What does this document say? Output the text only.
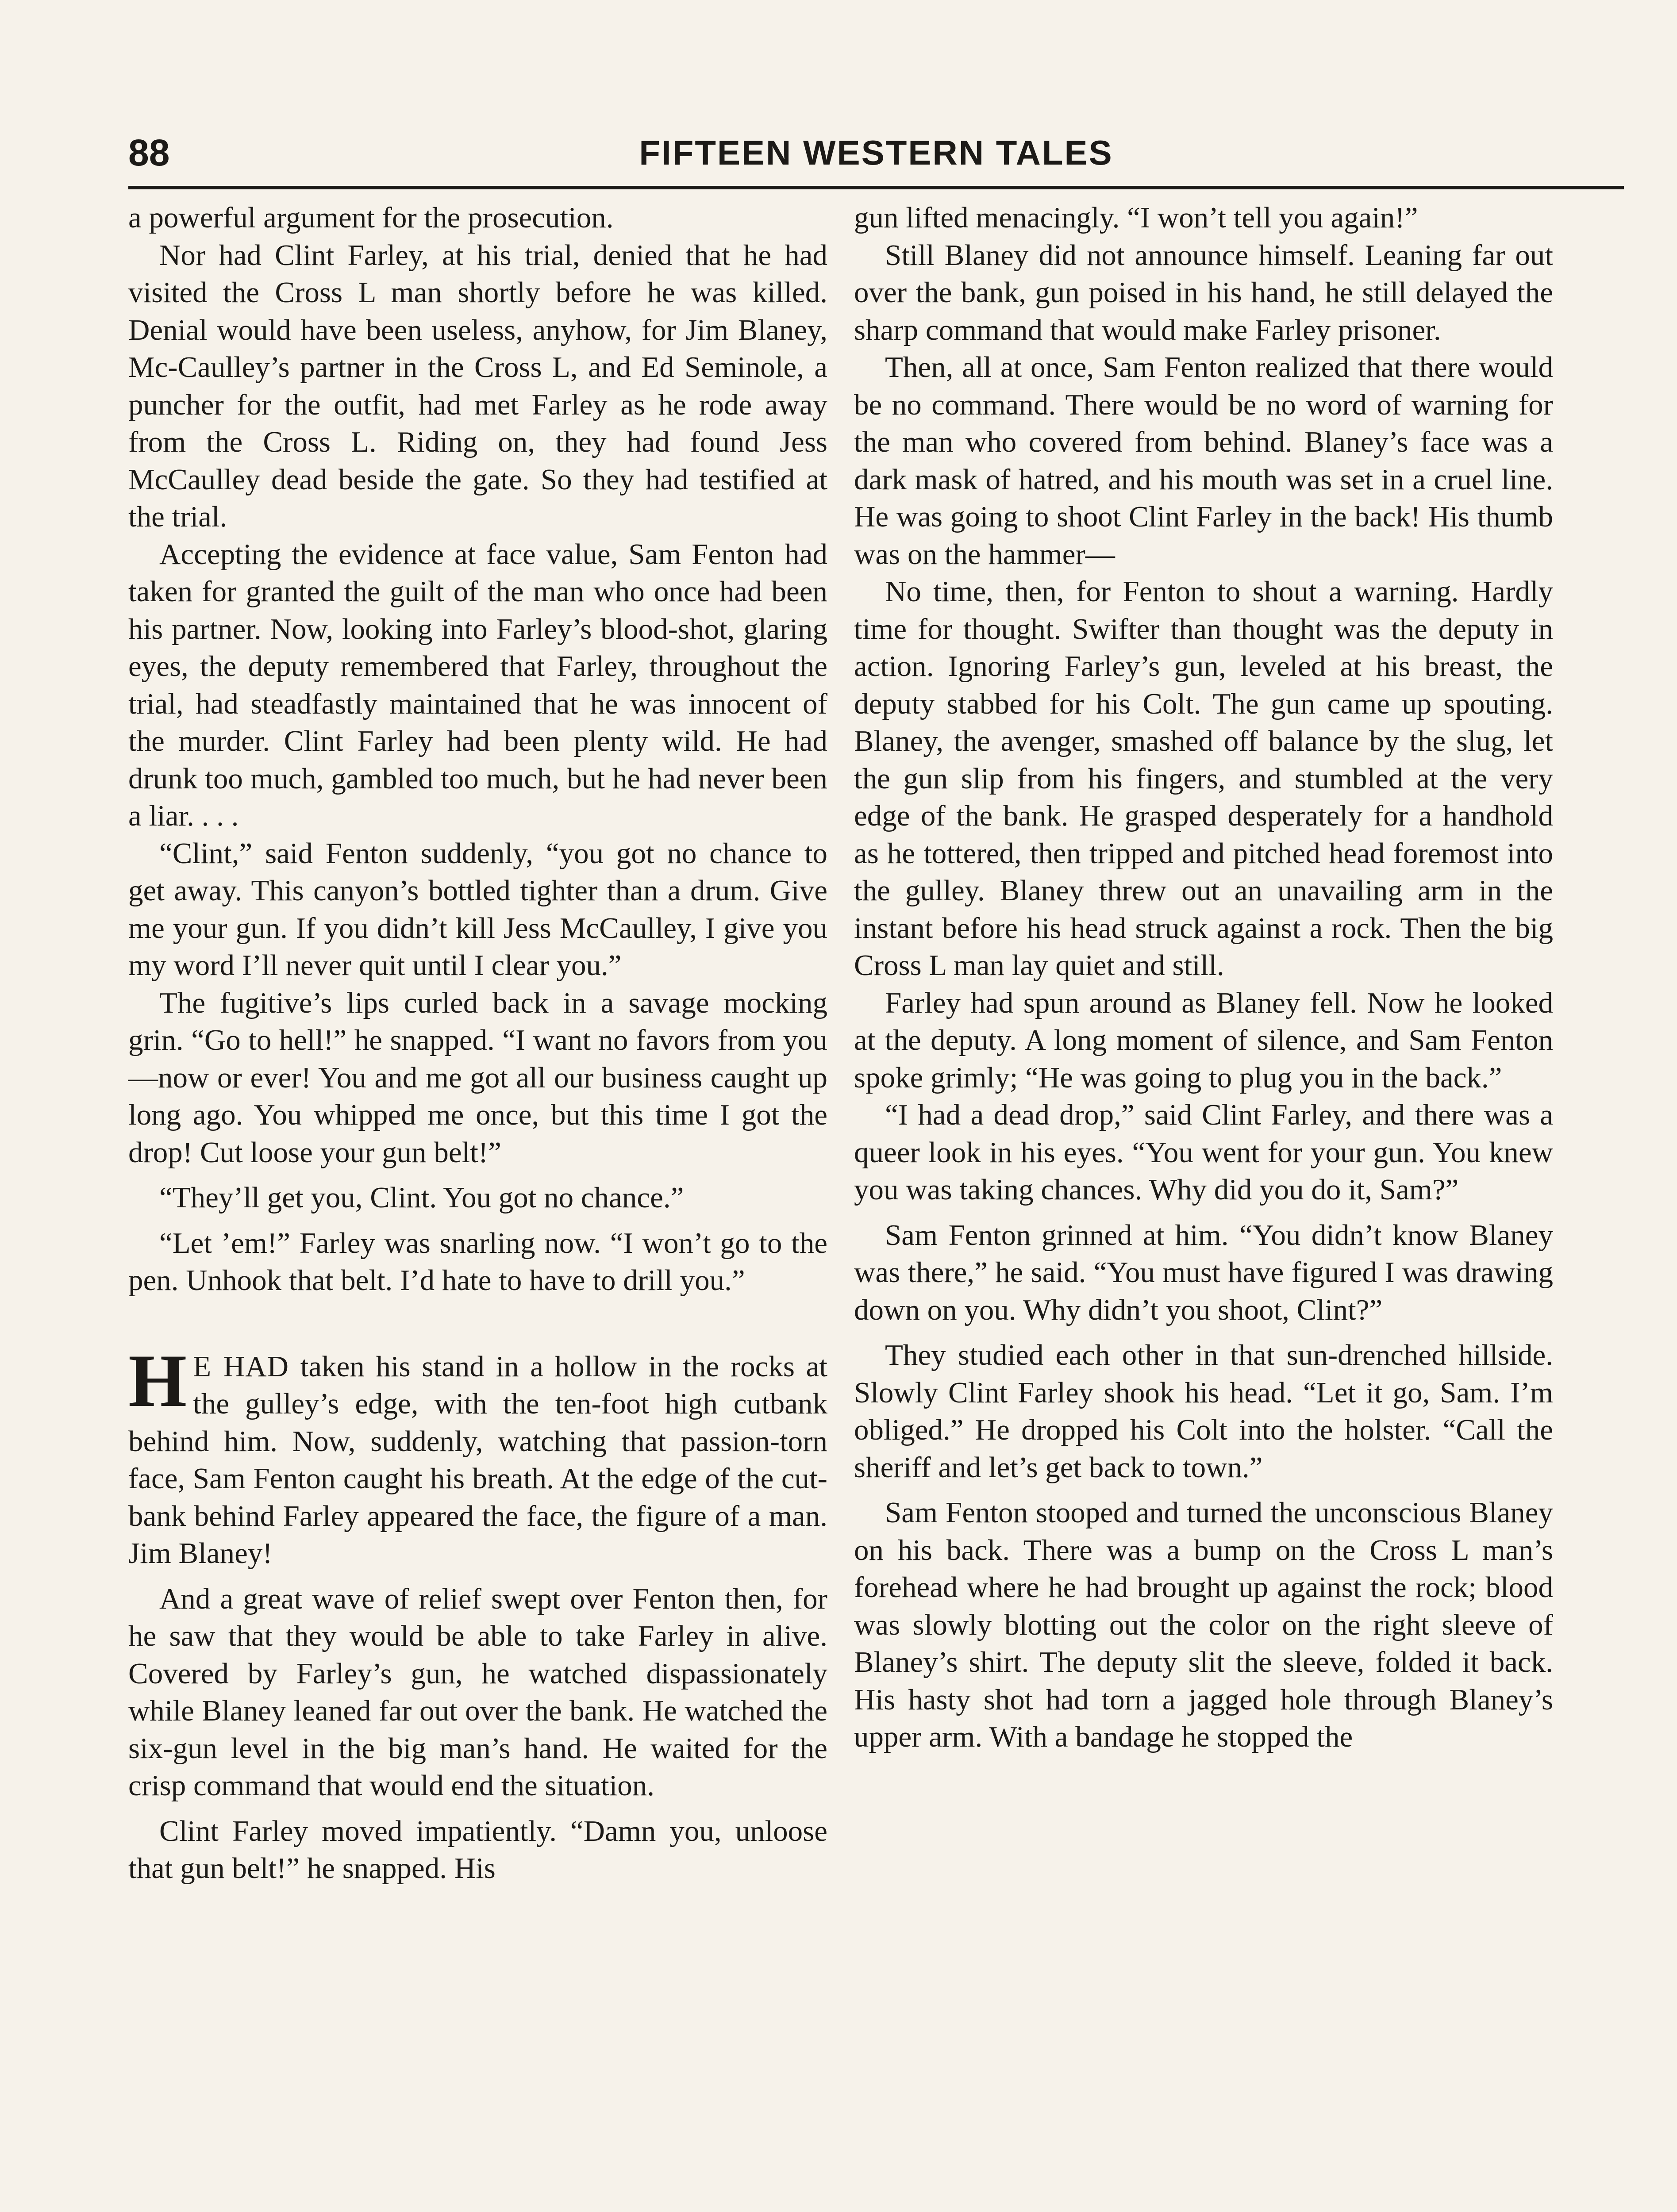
88	FIFTEEN WESTERN TALES

a powerful argument for the prosecution.

Nor had Clint Farley, at his trial, denied that he had visited the Cross L man shortly before he was killed. Denial would have been useless, anyhow, for Jim Blaney, Mc-Caulley’s partner in the Cross L, and Ed Seminole, a puncher for the outfit, had met Farley as he rode away from the Cross L. Riding on, they had found Jess McCaulley dead beside the gate. So they had testified at the trial.

Accepting the evidence at face value, Sam Fenton had taken for granted the guilt of the man who once had been his partner. Now, looking into Farley’s blood-shot, glaring eyes, the deputy remembered that Farley, throughout the trial, had steadfastly maintained that he was innocent of the murder. Clint Farley had been plenty wild. He had drunk too much, gambled too much, but he had never been a liar. . . .

“Clint,” said Fenton suddenly, “you got no chance to get away. This canyon’s bottled tighter than a drum. Give me your gun. If you didn’t kill Jess McCaulley, I give you my word I’ll never quit until I clear you.”

The fugitive’s lips curled back in a savage mocking grin. “Go to hell!” he snapped. “I want no favors from you—now or ever! You and me got all our business caught up long ago. You whipped me once, but this time I got the drop! Cut loose your gun belt!”

“They’ll get you, Clint. You got no chance.”

“Let ’em!” Farley was snarling now. “I won’t go to the pen. Unhook that belt. I’d hate to have to drill you.”

H E HAD taken his stand in a hollow in the rocks at the gulley’s edge, with the ten-foot high cutbank behind him. Now, suddenly, watching that passion-torn face, Sam Fenton caught his breath. At the edge of the cut-bank behind Farley appeared the face, the figure of a man. Jim Blaney!

And a great wave of relief swept over Fenton then, for he saw that they would be able to take Farley in alive. Covered by Farley’s gun, he watched dispassionately while Blaney leaned far out over the bank. He watched the six-gun level in the big man’s hand. He waited for the crisp command that would end the situation.

Clint Farley moved impatiently. “Damn you, unloose that gun belt!” he snapped. His

gun lifted menacingly. “I won’t tell you again!”

Still Blaney did not announce himself. Leaning far out over the bank, gun poised in his hand, he still delayed the sharp command that would make Farley prisoner.

Then, all at once, Sam Fenton realized that there would be no command. There would be no word of warning for the man who covered from behind. Blaney’s face was a dark mask of hatred, and his mouth was set in a cruel line. He was going to shoot Clint Farley in the back! His thumb was on the hammer—

No time, then, for Fenton to shout a warning. Hardly time for thought. Swifter than thought was the deputy in action. Ignoring Farley’s gun, leveled at his breast, the deputy stabbed for his Colt. The gun came up spouting. Blaney, the avenger, smashed off balance by the slug, let the gun slip from his fingers, and stumbled at the very edge of the bank. He grasped desperately for a handhold as he tottered, then tripped and pitched head foremost into the gulley. Blaney threw out an unavailing arm in the instant before his head struck against a rock. Then the big Cross L man lay quiet and still.

Farley had spun around as Blaney fell. Now he looked at the deputy. A long moment of silence, and Sam Fenton spoke grimly; “He was going to plug you in the back.”

“I had a dead drop,” said Clint Farley, and there was a queer look in his eyes. “You went for your gun. You knew you was taking chances. Why did you do it, Sam?”

Sam Fenton grinned at him. “You didn’t know Blaney was there,” he said. “You must have figured I was drawing down on you. Why didn’t you shoot, Clint?”

They studied each other in that sun-drenched hillside. Slowly Clint Farley shook his head. “Let it go, Sam. I’m obliged.” He dropped his Colt into the holster. “Call the sheriff and let’s get back to town.”

Sam Fenton stooped and turned the unconscious Blaney on his back. There was a bump on the Cross L man’s forehead where he had brought up against the rock; blood was slowly blotting out the color on the right sleeve of Blaney’s shirt. The deputy slit the sleeve, folded it back. His hasty shot had torn a jagged hole through Blaney’s upper arm. With a bandage he stopped the
